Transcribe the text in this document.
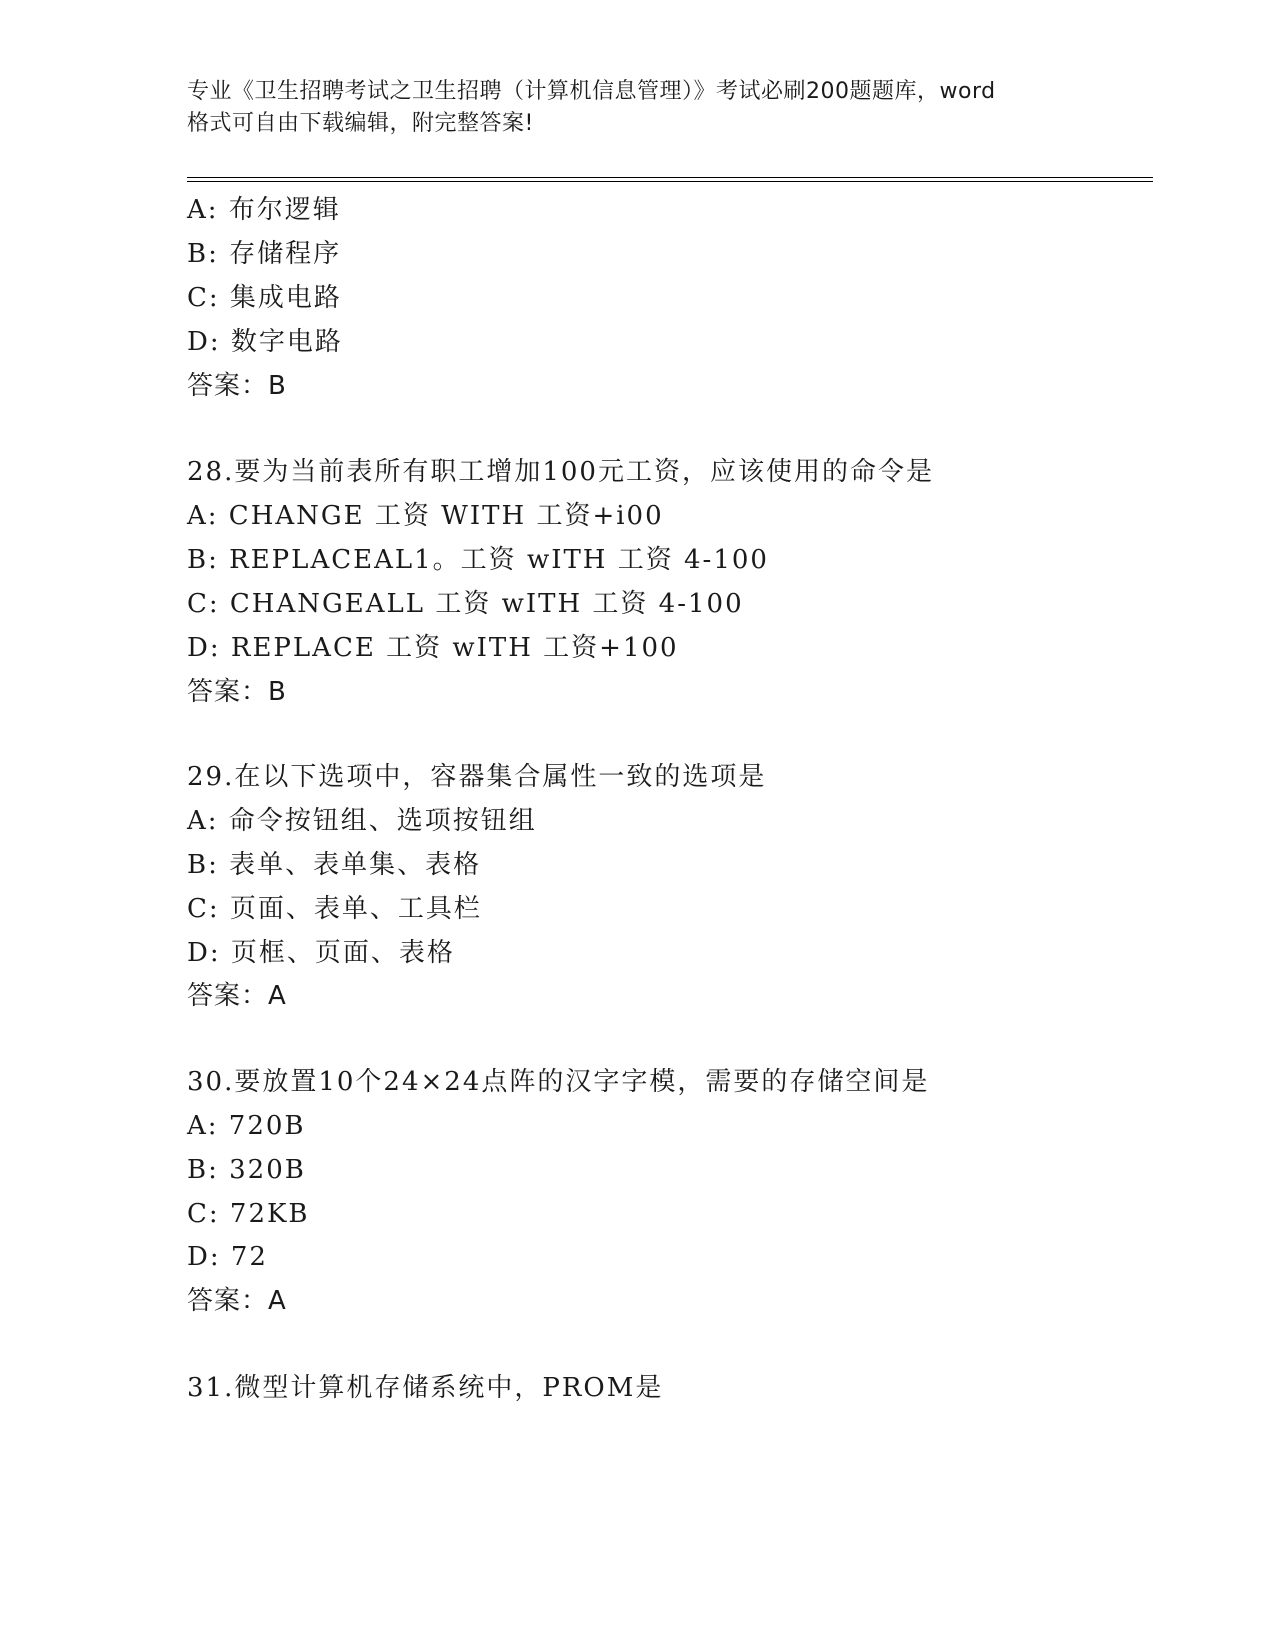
专业《卫生招聘考试之卫生招聘（计算机信息管理）》考试必刷200题题库，word
格式可自由下载编辑，附完整答案!
A: 布尔逻辑
B: 存储程序
C: 集成电路
D: 数字电路
答案：B
28.要为当前表所有职工增加100元工资，应该使用的命令是
A: CHANGE 工资 WITH 工资+i00
B: REPLACEAL1。工资 wITH 工资 4-100
C: CHANGEALL 工资 wITH 工资 4-100
D: REPLACE 工资 wITH 工资+100
答案：B
29.在以下选项中，容器集合属性一致的选项是
A: 命令按钮组、选项按钮组
B: 表单、表单集、表格
C: 页面、表单、工具栏
D: 页框、页面、表格
答案：A
30.要放置10个24×24点阵的汉字字模，需要的存储空间是
A: 720B
B: 320B
C: 72KB
D: 72
答案：A
31.微型计算机存储系统中，PROM是
